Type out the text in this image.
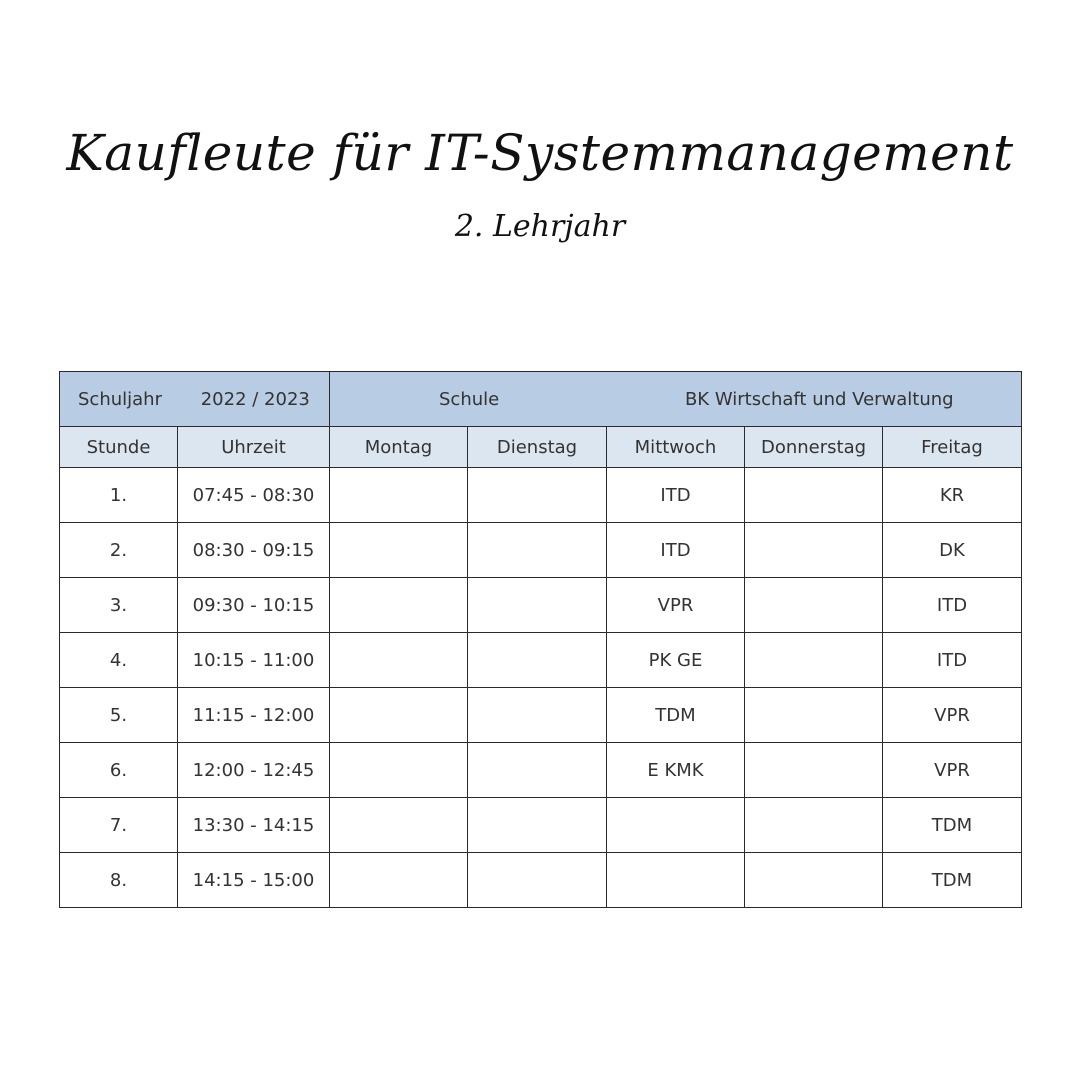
Kaufleute für IT-Systemmanagement
2. Lehrjahr
Schuljahr 2022 / 2023		Schule BK Wirtschaft und Verwaltung				
Stunde	Uhrzeit	Montag	Dienstag	Mittwoch	Donnerstag	Freitag
1.	07:45 - 08:30			ITD		KR
2.	08:30 - 09:15			ITD		DK
3.	09:30 - 10:15			VPR		ITD
4.	10:15 - 11:00			PK GE		ITD
5.	11:15 - 12:00			TDM		VPR
6.	12:00 - 12:45			E KMK		VPR
7.	13:30 - 14:15					TDM
8.	14:15 - 15:00					TDM
